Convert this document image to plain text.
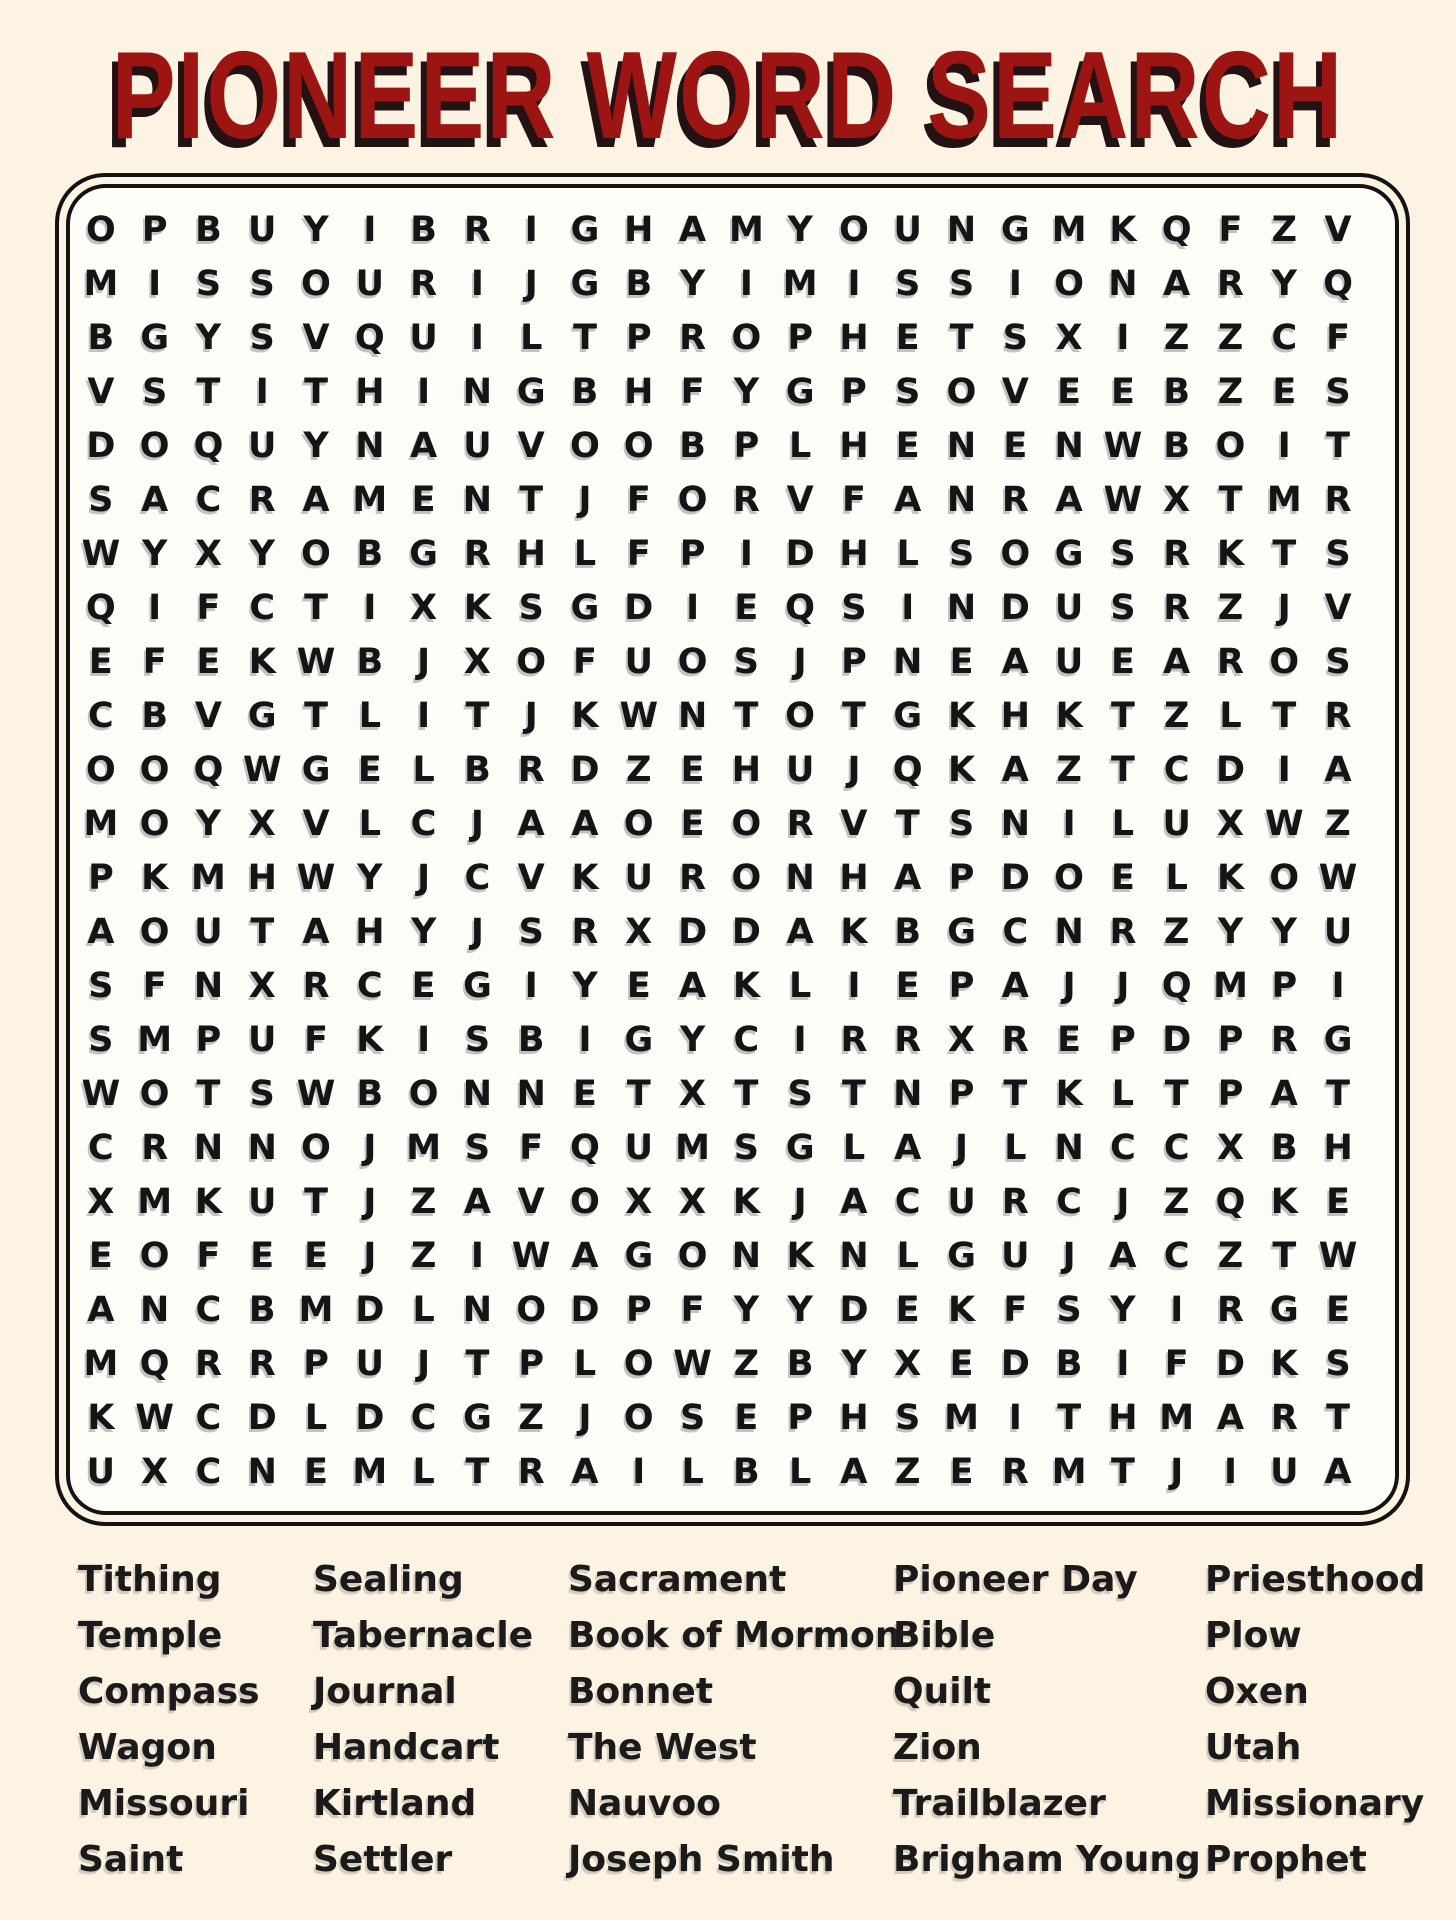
PIONEER WORD SEARCH
O P B U Y I B R I G H A M Y O U N G M K Q F Z V
M I S S O U R I	J G B Y I M I S S I O N A R Y Q
B G Y S V Q U I	L T P R O P H E T S X I Z Z C F
V S T	I	T H I N G B H F Y G P S O V E E B Z E S
D O Q U Y N A U V O O B P L H E N E N W B O I	T
S A C R A M E N T	J	F O R V F A N R A W X T M R
W Y X Y O B G R H L F P I D H L S O G S R K T S
Q I	F C T	I X K S G D I	E Q S I N D U S R Z J V
E F E K W B J X O F U O S J P N E A U E A R O S
C B V G T L	I	T	J K W N T O T G K H K T Z L T R
O O Q W G E L B R D Z E H U J Q K A Z T C D I A
M O Y X V L C J A A O E O R V T S N I	L U X W Z
P K M H W Y J C V K U R O N H A P D O E L K O W
A O U T A H Y J S R X D D A K B G C N R Z Y Y U
S F N X R C E G I Y E A K L	I	E P A J	J Q M P I
S M P U F K I S B I G Y C I R R X R E P D P R G
W O T S W B O N N E T X T S T N P T K L T P A T
C R N N O J M S F Q U M S G L A J	L N C C X B H
X M K U T	J Z A V O X X K J A C U R C J Z Q K E
E O F E E	J Z I W A G O N K N L G U J A C Z T W
A N C B M D L N O D P F Y Y D E K F S Y I R G E
M Q R R P U J	T P L O W Z B Y X E D B I	F D K S
K W C D L D C G Z J O S E P H S M I	T H M A R T
U X C N E M L T R A I	L B L A Z E R M T	J	I U A
Tithing
Temple
Compass
Wagon
Missouri
Saint
Sealing
Tabernacle
Journal
Handcart
Kirtland
Settler
Sacrament
Book of Mormon
Bonnet
The West
Nauvoo
Joseph Smith
Pioneer Day
Bible
Quilt
Zion
Trailblazer
Brigham Young
Priesthood
Plow
Oxen
Utah
Missionary
Prophet
